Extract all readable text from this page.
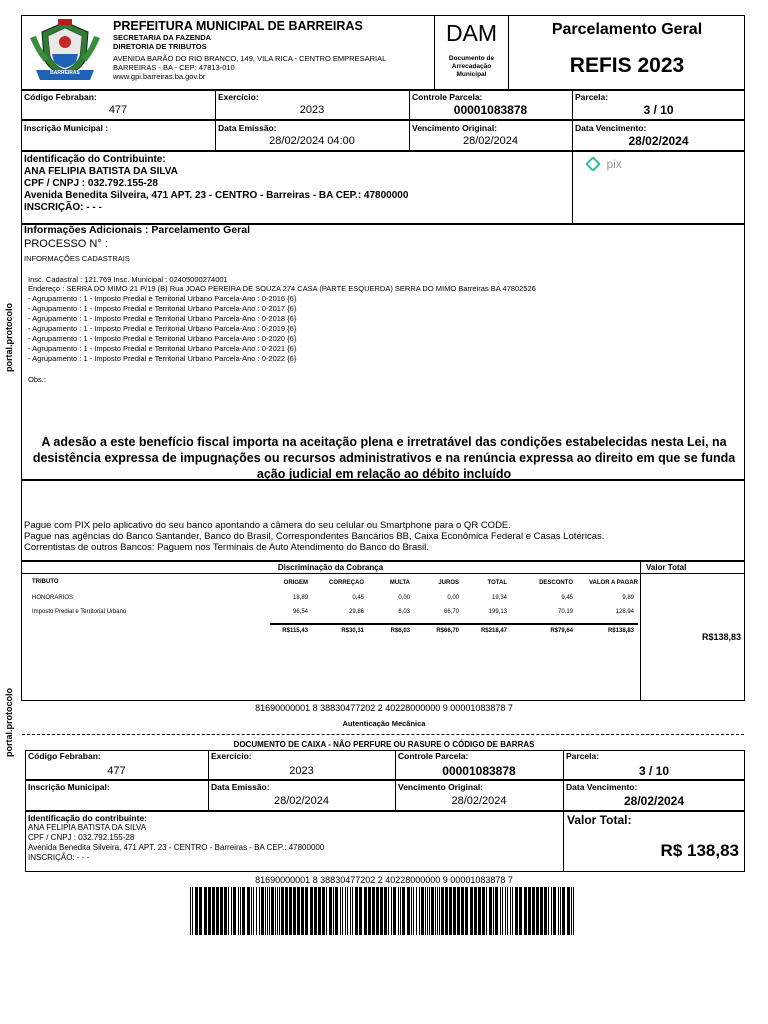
BARREIRAS
PREFEITURA MUNICIPAL DE BARREIRAS
SECRETARIA DA FAZENDA
DIRETORIA DE TRIBUTOS
AVENIDA BARÃO DO RIO BRANCO, 149, VILA RICA - CENTRO EMPRESARIAL
BARREIRAS - BA - CEP: 47813-010
www.gpi.barreiras.ba.gov.br
DAM
Documento de
Arrecadação
Municipal
Parcelamento Geral
REFIS 2023
Código Febraban:
477
Exercício:
2023
Controle Parcela:
00001083878
Parcela:
3 / 10
Inscrição Municipal :	Data Emissão:
28/02/2024 04:00
Vencimento Original:
28/02/2024
Data Vencimento:
28/02/2024
Identificação do Contribuinte:
ANA FELIPIA BATISTA DA SILVA
CPF / CNPJ : 032.792.155-28
Avenida Benedita Silveira, 471 APT. 23 - CENTRO - Barreiras - BA CEP.: 47800000
INSCRIÇÃO: - - -
pix
Informações Adicionais : Parcelamento Geral
PROCESSO N° :
INFORMAÇÕES CADASTRAIS
Insc. Cadastral : 121.769 Insc. Municipal : 02405000274001
Endereço : SERRA DO MIMO 21 P/19 (B) Rua JOAO PEREIRA DE SOUZA 274 CASA (PARTE ESQUERDA) SERRA DO MIMO Barreiras BA 47802526
- Agrupamento : 1 - Imposto Predial e Territorial Urbano Parcela-Ano : 0-2016 {6}
- Agrupamento : 1 - Imposto Predial e Territorial Urbano Parcela-Ano : 0-2017 {6}
- Agrupamento : 1 - Imposto Predial e Territorial Urbano Parcela-Ano : 0-2018 {6}
- Agrupamento : 1 - Imposto Predial e Territorial Urbano Parcela-Ano : 0-2019 {6}
- Agrupamento : 1 - Imposto Predial e Territorial Urbano Parcela-Ano : 0-2020 {6}
- Agrupamento : 1 - Imposto Predial e Territorial Urbano Parcela-Ano : 0-2021 {6}
- Agrupamento : 1 - Imposto Predial e Territorial Urbano Parcela-Ano : 0-2022 {6}
Obs.:
A adesão a este benefício fiscal importa na aceitação plena e irretratável das condições estabelecidas nesta Lei, na desistência expressa de impugnações ou recursos administrativos e na renúncia expressa ao direito em que se funda ação judicial em relação ao débito incluído
Pague com PIX pelo aplicativo do seu banco apontando a câmera do seu celular ou Smartphone para o QR CODE.
Pague nas agências do Banco Santander, Banco do Brasil, Correspondentes Bancários BB, Caixa Econômica Federal e Casas Lotéricas.
Correntistas de outros Bancos: Paguem nos Terminais de Auto Atendimento do Banco do Brasil.
Discriminação da Cobrança	Valor Total
TRIBUTO	ORIGEM	CORREÇAO	MULTA	JUROS	TOTAL	DESCONTO	VALOR A PAGAR
HONORARIOS	18,89	0,45	0,00	0,00	19,34	9,45	9,89
Imposto Predial e Territorial Urbano	96,54	29,86	6,03	66,70	199,13	70,19	128,94
R$115,43	R$30,31	R$6,03	R$66,70	R$218,47	R$79,64	R$138,83
R$138,83
81690000001 8 38830477202 2 40228000000 9 00001083878 7
Autenticação Mecânica
DOCUMENTO DE CAIXA - NÃO PERFURE OU RASURE O CÓDIGO DE BARRAS
Código Febraban:
477
Exercício:
2023
Controle Parcela:
00001083878
Parcela:
3 / 10
Inscrição Municipal:	Data Emissão:
28/02/2024
Vencimento Original:
28/02/2024
Data Vencimento:
28/02/2024
Identificação do contribuinte:
ANA FELIPIA BATISTA DA SILVA
CPF / CNPJ : 032.792.155-28
Avenida Benedita Silveira, 471 APT. 23 - CENTRO - Barreiras - BA CEP.: 47800000
INSCRIÇÃO: - - -
Valor Total:
R$ 138,83
81690000001 8 38830477202 2 40228000000 9 00001083878 7
portal.protocolo
portal.protocolo
